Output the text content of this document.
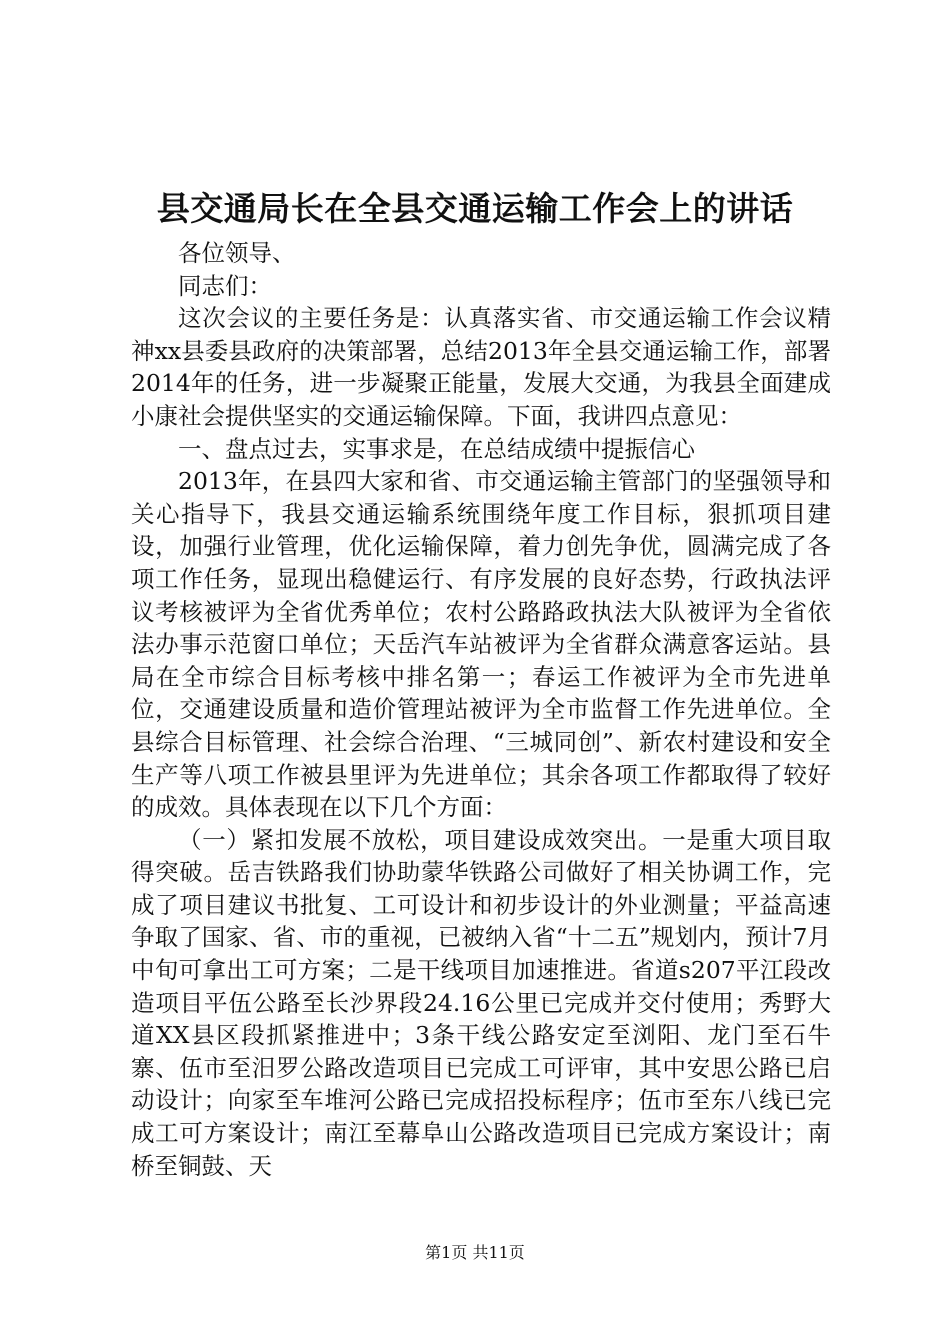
县交通局长在全县交通运输工作会上的讲话

各位领导、

同志们：

这次会议的主要任务是：认真落实省、市交通运输工作会议精神xx县委县政府的决策部署，总结2013年全县交通运输工作，部署2014年的任务，进一步凝聚正能量，发展大交通，为我县全面建成小康社会提供坚实的交通运输保障。下面，我讲四点意见：

一、盘点过去，实事求是，在总结成绩中提振信心

2013年，在县四大家和省、市交通运输主管部门的坚强领导和关心指导下，我县交通运输系统围绕年度工作目标，狠抓项目建设，加强行业管理，优化运输保障，着力创先争优，圆满完成了各项工作任务，显现出稳健运行、有序发展的良好态势，行政执法评议考核被评为全省优秀单位；农村公路路政执法大队被评为全省依法办事示范窗口单位；天岳汽车站被评为全省群众满意客运站。县局在全市综合目标考核中排名第一；春运工作被评为全市先进单位，交通建设质量和造价管理站被评为全市监督工作先进单位。全县综合目标管理、社会综合治理、“三城同创”、新农村建设和安全生产等八项工作被县里评为先进单位；其余各项工作都取得了较好的成效。具体表现在以下几个方面：

（一）紧扣发展不放松，项目建设成效突出。一是重大项目取得突破。岳吉铁路我们协助蒙华铁路公司做好了相关协调工作，完成了项目建议书批复、工可设计和初步设计的外业测量；平益高速争取了国家、省、市的重视，已被纳入省“十二五”规划内，预计7月中旬可拿出工可方案；二是干线项目加速推进。省道s207平江段改造项目平伍公路至长沙界段24.16公里已完成并交付使用；秀野大道XX县区段抓紧推进中；3条干线公路安定至浏阳、龙门至石牛寨、伍市至汨罗公路改造项目已完成工可评审，其中安思公路已启动设计；向家至车堆河公路已完成招投标程序；伍市至东八线已完成工可方案设计；南江至幕阜山公路改造项目已完成方案设计；南桥至铜鼓、天

第1页 共11页
